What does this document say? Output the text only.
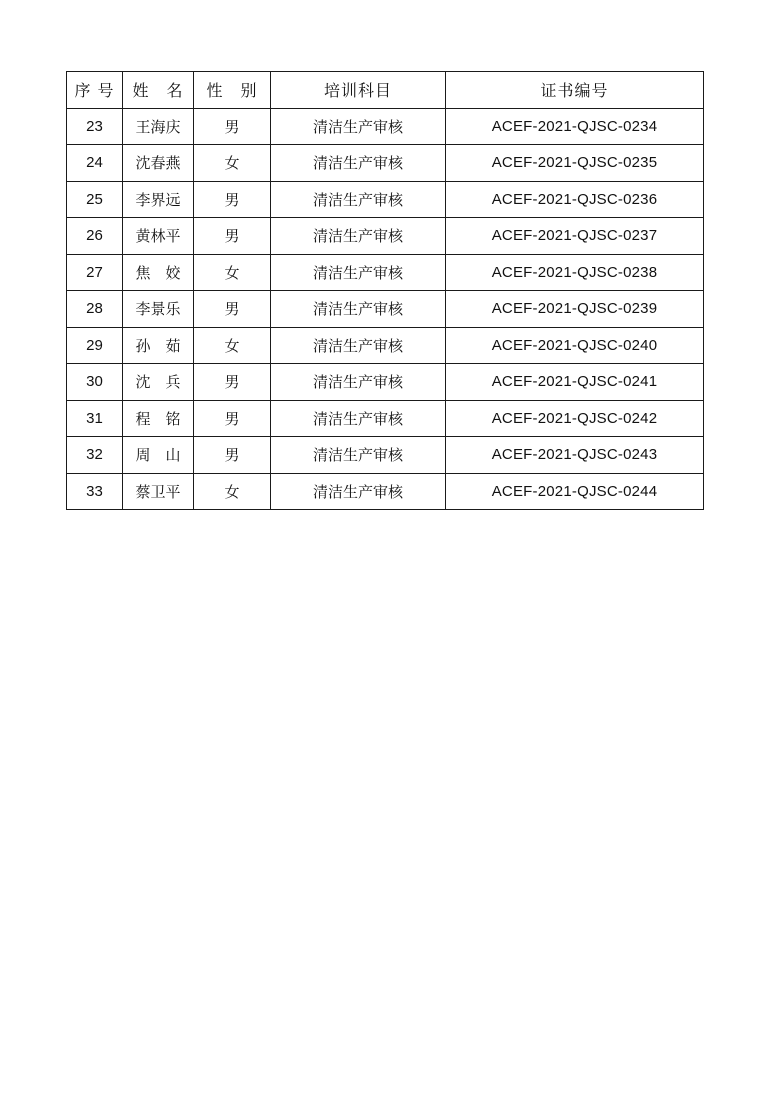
序 号	姓　名	性　别	培训科目	证书编号
23	王海庆	男	清洁生产审核	ACEF-2021-QJSC-0234
24	沈春燕	女	清洁生产审核	ACEF-2021-QJSC-0235
25	李界远	男	清洁生产审核	ACEF-2021-QJSC-0236
26	黄林平	男	清洁生产审核	ACEF-2021-QJSC-0237
27	焦　姣	女	清洁生产审核	ACEF-2021-QJSC-0238
28	李景乐	男	清洁生产审核	ACEF-2021-QJSC-0239
29	孙　茹	女	清洁生产审核	ACEF-2021-QJSC-0240
30	沈　兵	男	清洁生产审核	ACEF-2021-QJSC-0241
31	程　铭	男	清洁生产审核	ACEF-2021-QJSC-0242
32	周　山	男	清洁生产审核	ACEF-2021-QJSC-0243
33	蔡卫平	女	清洁生产审核	ACEF-2021-QJSC-0244
